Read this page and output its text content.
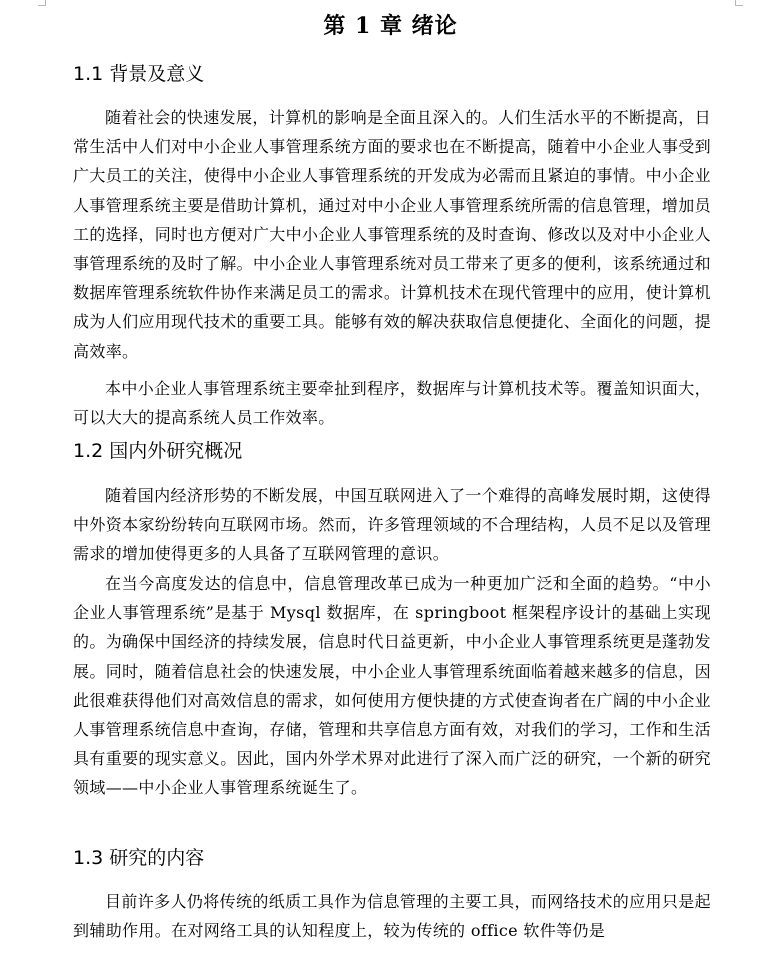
第 1 章 绪论
1.1 背景及意义

随着社会的快速发展，计算机的影响是全面且深入的。人们生活水平的不断提高，日常生活中人们对中小企业人事管理系统方面的要求也在不断提高，随着中小企业人事受到广大员工的关注，使得中小企业人事管理系统的开发成为必需而且紧迫的事情。中小企业人事管理系统主要是借助计算机，通过对中小企业人事管理系统所需的信息管理，增加员工的选择，同时也方便对广大中小企业人事管理系统的及时查询、修改以及对中小企业人事管理系统的及时了解。中小企业人事管理系统对员工带来了更多的便利，该系统通过和数据库管理系统软件协作来满足员工的需求。计算机技术在现代管理中的应用，使计算机成为人们应用现代技术的重要工具。能够有效的解决获取信息便捷化、全面化的问题，提高效率。

本中小企业人事管理系统主要牵扯到程序，数据库与计算机技术等。覆盖知识面大，可以大大的提高系统人员工作效率。

1.2 国内外研究概况

随着国内经济形势的不断发展，中国互联网进入了一个难得的高峰发展时期，这使得中外资本家纷纷转向互联网市场。然而，许多管理领域的不合理结构，人员不足以及管理需求的增加使得更多的人具备了互联网管理的意识。

在当今高度发达的信息中，信息管理改革已成为一种更加广泛和全面的趋势。“中小企业人事管理系统”是基于 Mysql 数据库，在 springboot 框架程序设计的基础上实现的。为确保中国经济的持续发展，信息时代日益更新，中小企业人事管理系统更是蓬勃发展。同时，随着信息社会的快速发展，中小企业人事管理系统面临着越来越多的信息，因此很难获得他们对高效信息的需求，如何使用方便快捷的方式使查询者在广阔的中小企业人事管理系统信息中查询，存储，管理和共享信息方面有效，对我们的学习，工作和生活具有重要的现实意义。因此，国内外学术界对此进行了深入而广泛的研究，一个新的研究领域——中小企业人事管理系统诞生了。

1.3 研究的内容

目前许多人仍将传统的纸质工具作为信息管理的主要工具，而网络技术的应用只是起到辅助作用。在对网络工具的认知程度上，较为传统的 office 软件等仍是
